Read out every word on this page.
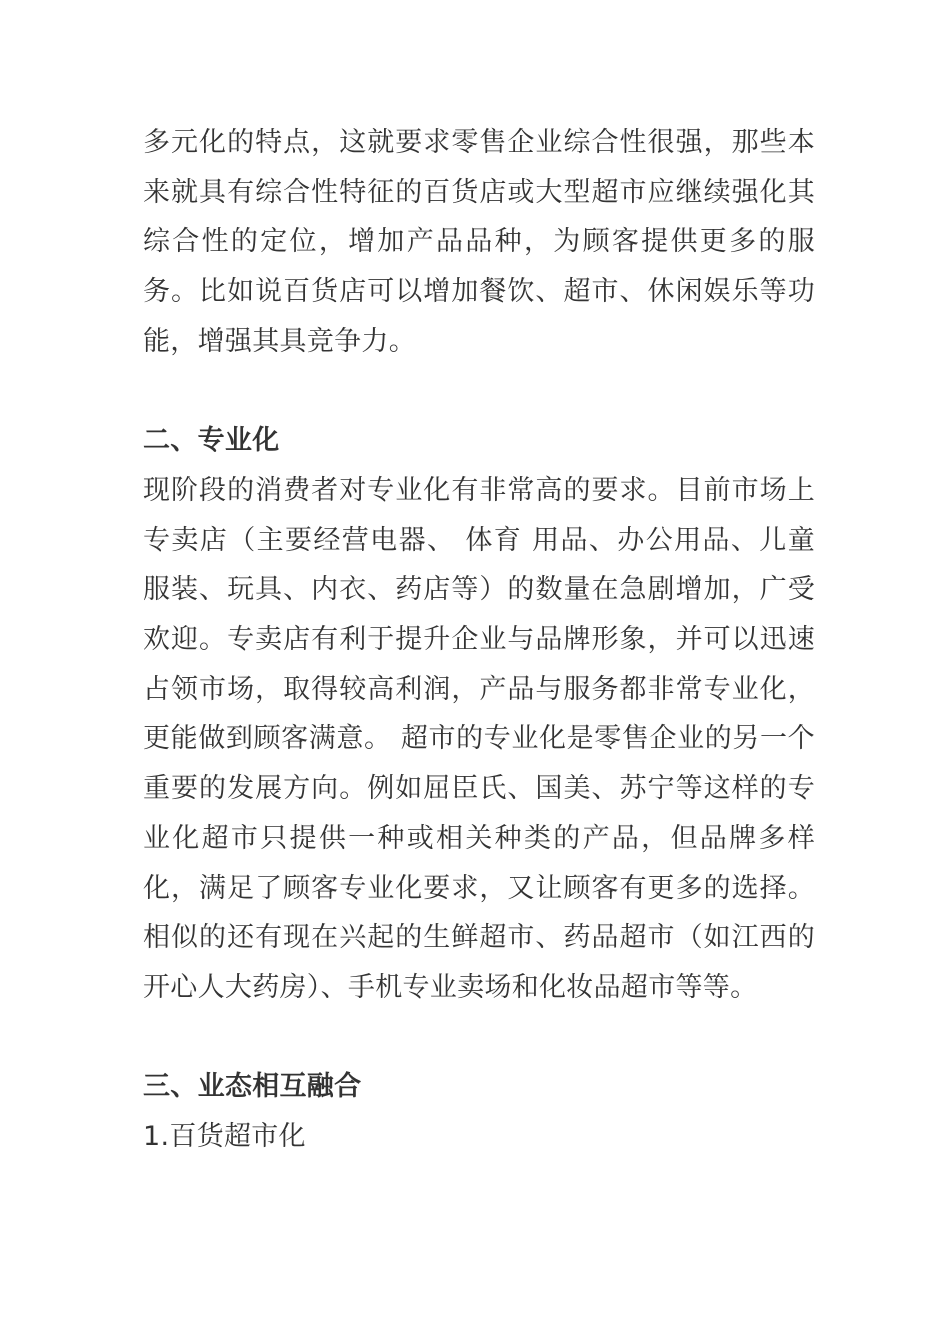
多元化的特点，这就要求零售企业综合性很强，那些本来就具有综合性特征的百货店或大型超市应继续强化其综合性的定位，增加产品品种，为顾客提供更多的服务。比如说百货店可以增加餐饮、超市、休闲娱乐等功能，增强其具竞争力。

二、专业化

现阶段的消费者对专业化有非常高的要求。目前市场上专卖店（主要经营电器、 体育 用品、办公用品、儿童服装、玩具、内衣、药店等）的数量在急剧增加，广受欢迎。专卖店有利于提升企业与品牌形象，并可以迅速占领市场，取得较高利润，产品与服务都非常专业化，更能做到顾客满意。 超市的专业化是零售企业的另一个重要的发展方向。例如屈臣氏、国美、苏宁等这样的专业化超市只提供一种或相关种类的产品，但品牌多样化，满足了顾客专业化要求，又让顾客有更多的选择。相似的还有现在兴起的生鲜超市、药品超市（如江西的开心人大药房）、手机专业卖场和化妆品超市等等。

三、业态相互融合

1.百货超市化
